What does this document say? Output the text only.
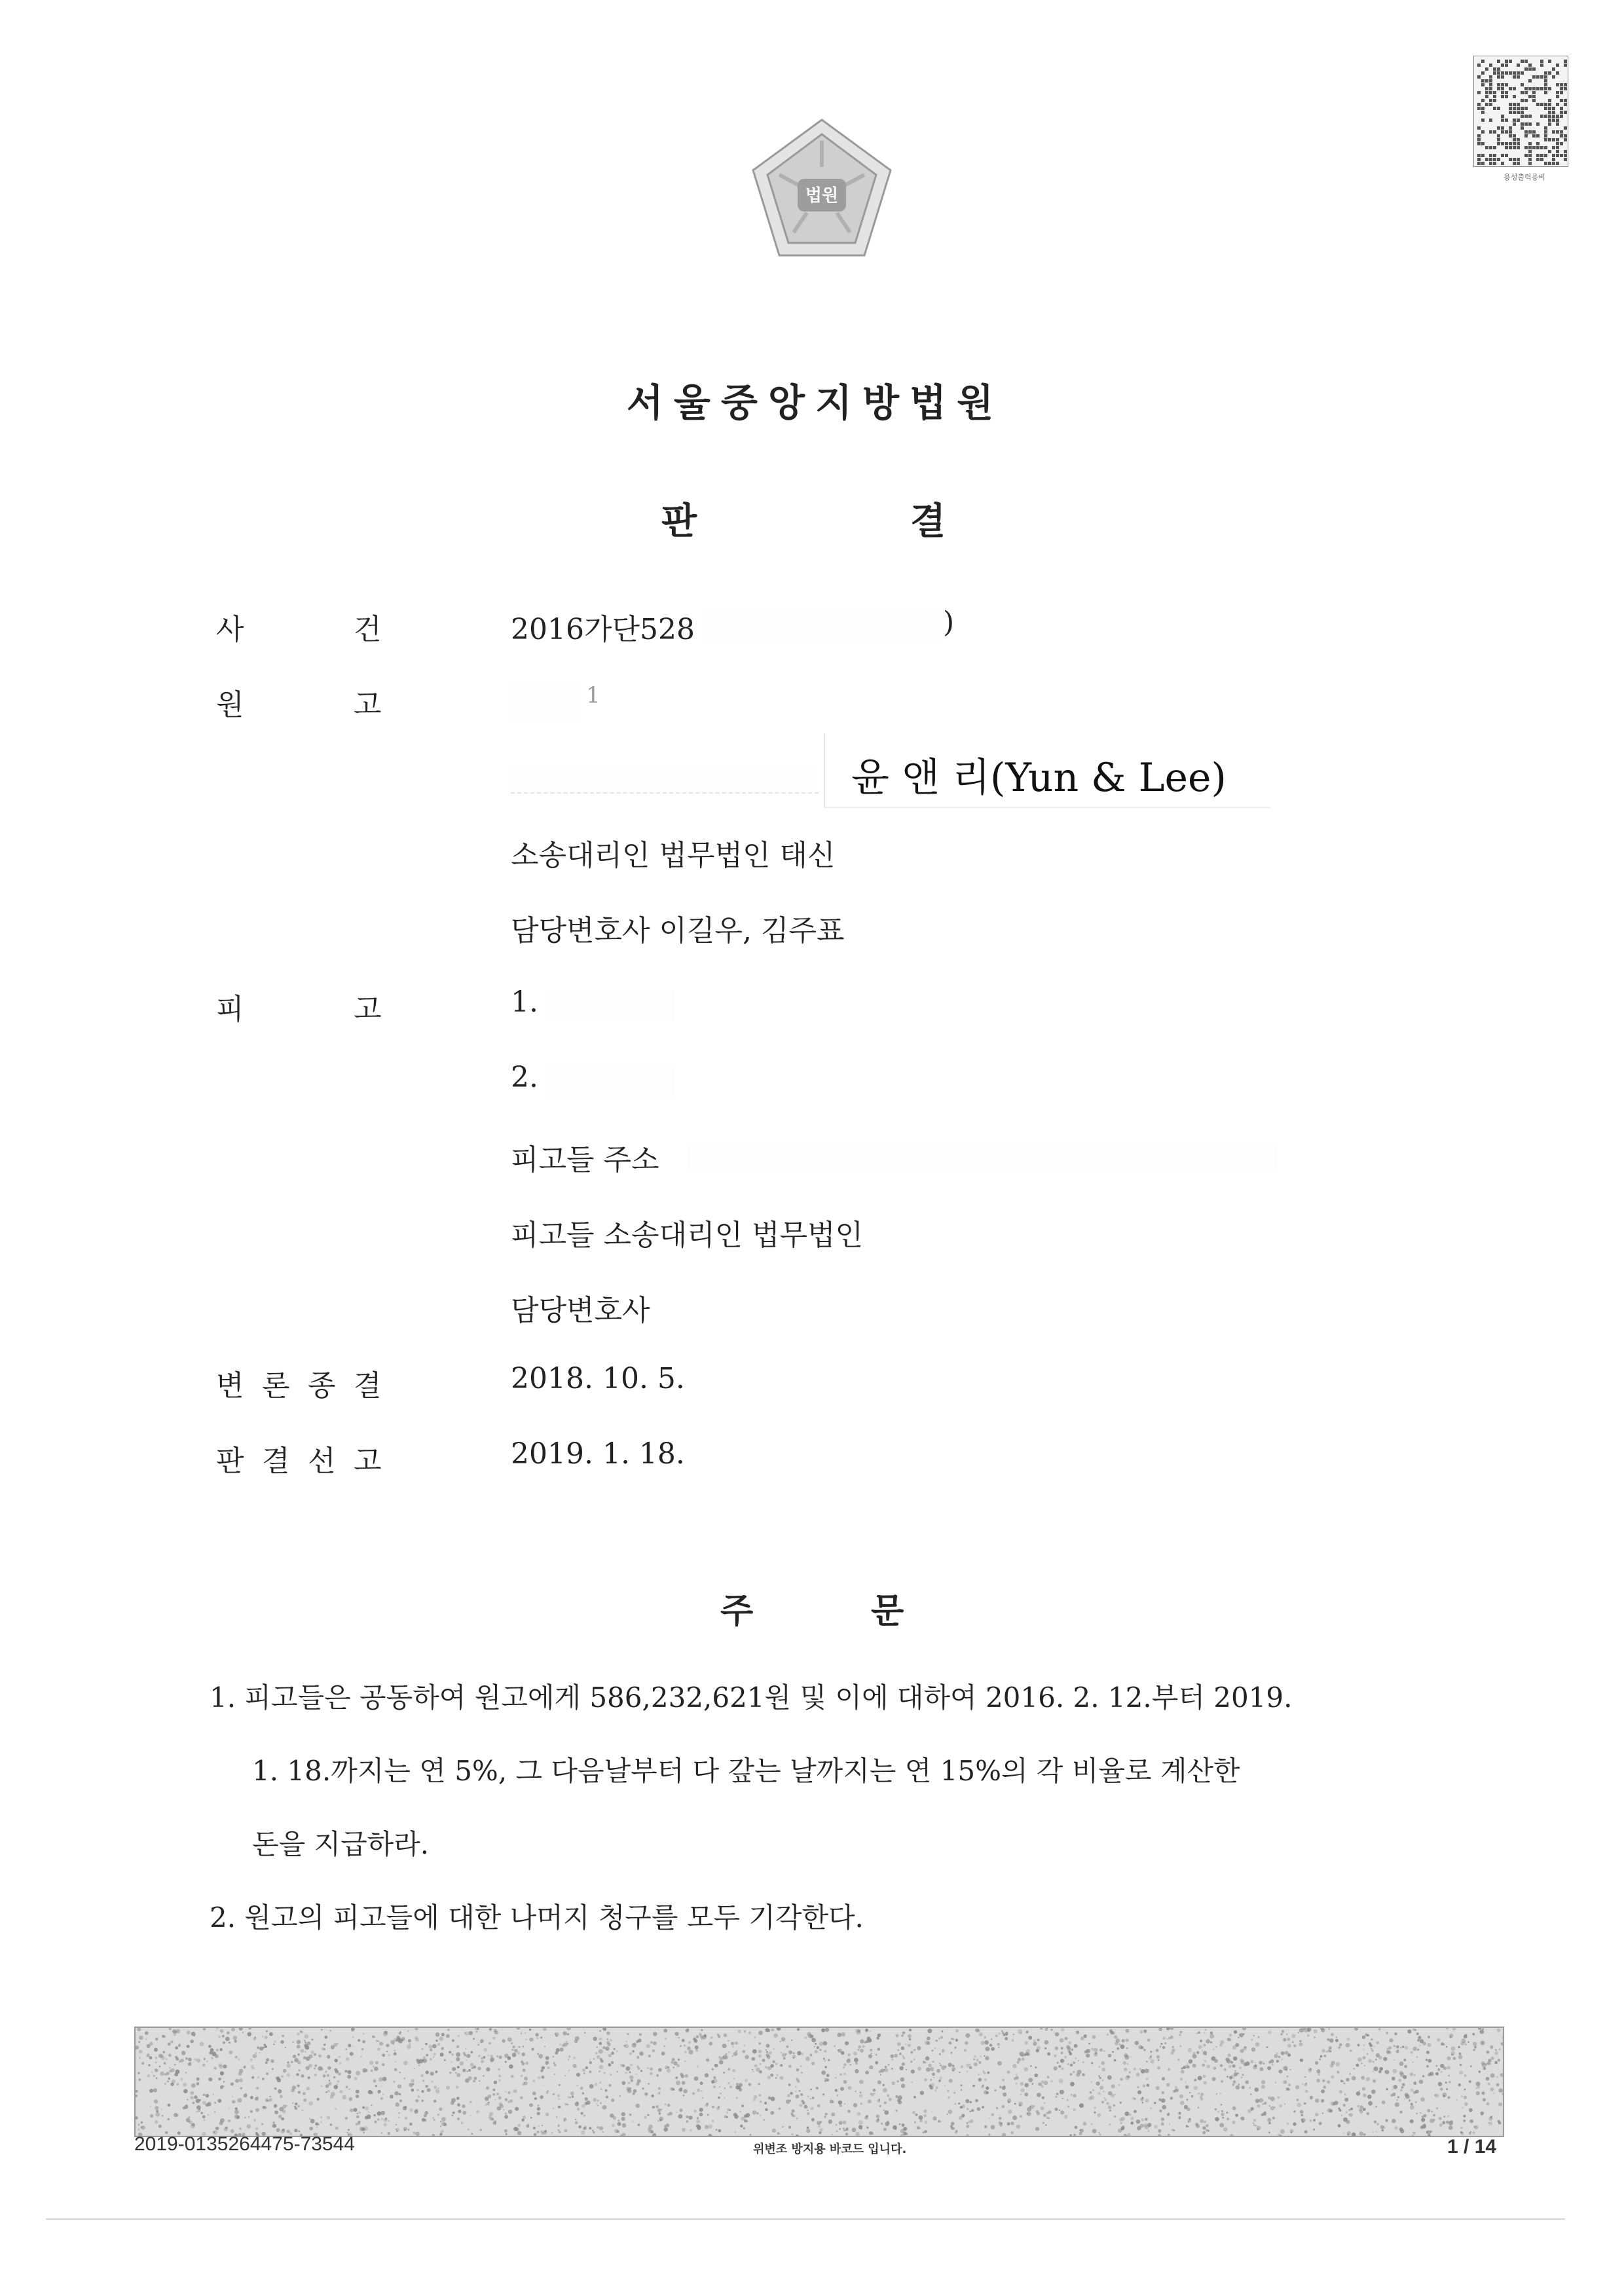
법원
용성출력용비
서울중앙지방법원
판	결
사	건	2016가단528	)
원	고	1
윤 앤 리(Yun & Lee)
소송대리인 법무법인 태신
담당변호사 이길우, 김주표
피	고	1.
2.
피고들 주소
피고들 소송대리인 법무법인
담당변호사
변 론 종 결	2018. 10. 5.
판 결 선 고	2019. 1. 18.
주	문
1. 피고들은 공동하여 원고에게 586,232,621원 및 이에 대하여 2016. 2. 12.부터 2019.
1. 18.까지는 연 5%, 그 다음날부터 다 갚는 날까지는 연 15%의 각 비율로 계산한
돈을 지급하라.
2. 원고의 피고들에 대한 나머지 청구를 모두 기각한다.
2019-0135264475-73544	위변조 방지용 바코드 입니다.	1 / 14
